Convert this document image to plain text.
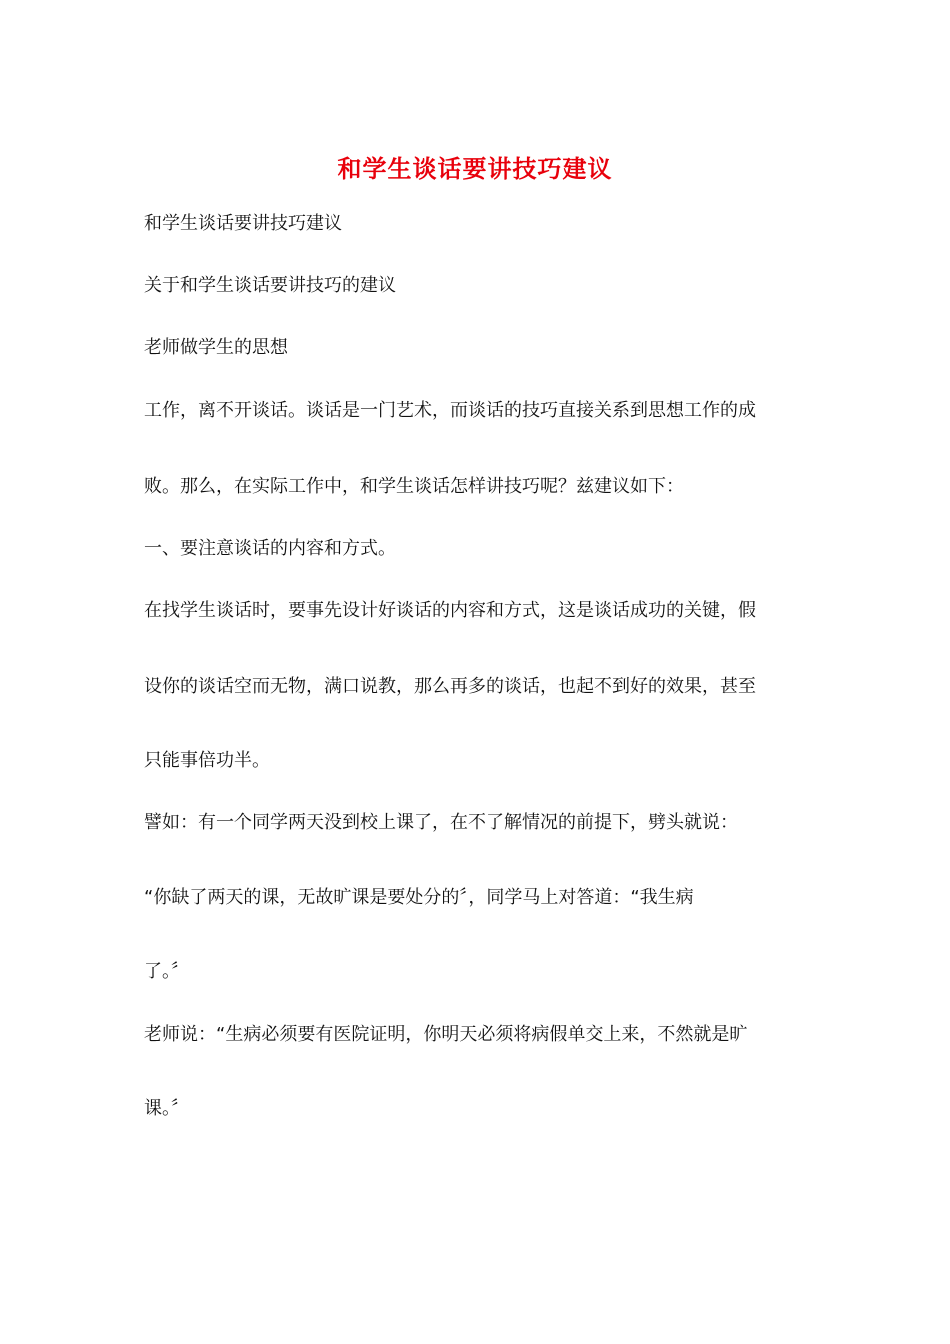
和学生谈话要讲技巧建议

和学生谈话要讲技巧建议

关于和学生谈话要讲技巧的建议

老师做学生的思想

工作，离不开谈话。谈话是一门艺术，而谈话的技巧直接关系到思想工作的成

败。那么，在实际工作中，和学生谈话怎样讲技巧呢？兹建议如下：

一、要注意谈话的内容和方式。

在找学生谈话时，要事先设计好谈话的内容和方式，这是谈话成功的关键，假

设你的谈话空而无物，满口说教，那么再多的谈话，也起不到好的效果，甚至

只能事倍功半。

譬如：有一个同学两天没到校上课了，在不了解情况的前提下，劈头就说：

“你缺了两天的课，无故旷课是要处分的〞，同学马上对答道：“我生病

了。〞

老师说：“生病必须要有医院证明，你明天必须将病假单交上来，不然就是旷

课。〞
